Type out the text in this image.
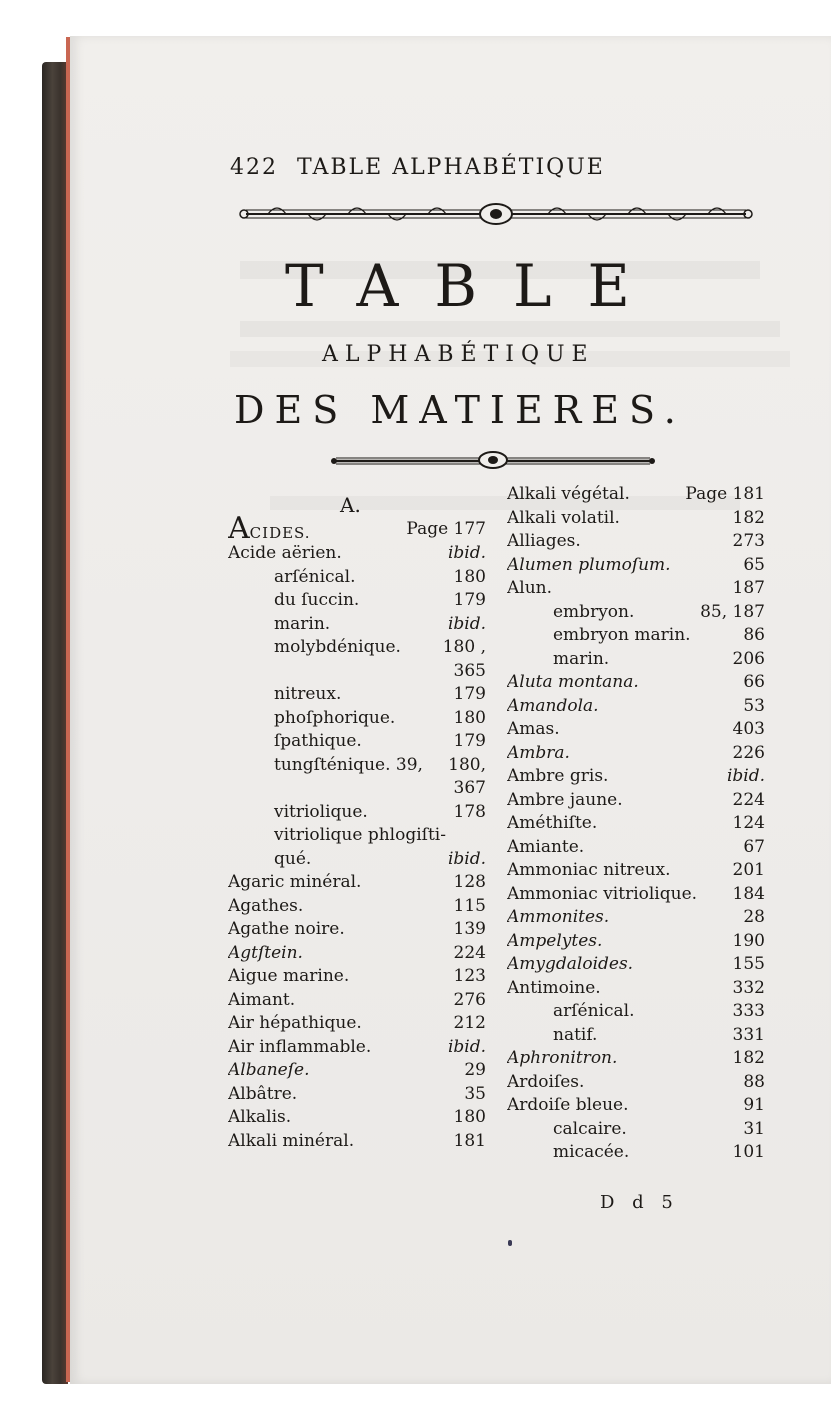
422 TABLE ALPHABÉTIQUE
TABLE
ALPHABÉTIQUE
DES MATIERES.
A.
ACIDES.	Page 177
Acide aërien.	ibid.
arſénical.	180
du ſuccin.	179
marin.	ibid.
molybdénique.	180 ,
365
nitreux.	179
phoſphorique.	180
ſpathique.	179
tungſténique. 39,	180,
367
vitriolique.	178
vitriolique phlogiſti-
qué.	ibid.
Agaric minéral.	128
Agathes.	115
Agathe noire.	139
Agtſtein.	224
Aigue marine.	123
Aimant.	276
Air hépathique.	212
Air inflammable.	ibid.
Albaneſe.	29
Albâtre.	35
Alkalis.	180
Alkali minéral.	181
Alkali végétal.	Page 181
Alkali volatil.	182
Alliages.	273
Alumen plumoſum.	65
Alun.	187
embryon.	85, 187
embryon marin.	86
marin.	206
Aluta montana.	66
Amandola.	53
Amas.	403
Ambra.	226
Ambre gris.	ibid.
Ambre jaune.	224
Améthiſte.	124
Amiante.	67
Ammoniac nitreux.	201
Ammoniac vitriolique.	184
Ammonites.	28
Ampelytes.	190
Amygdaloides.	155
Antimoine.	332
arſénical.	333
natif.	331
Aphronitron.	182
Ardoiſes.	88
Ardoiſe bleue.	91
calcaire.	31
micacée.	101
D d 5
